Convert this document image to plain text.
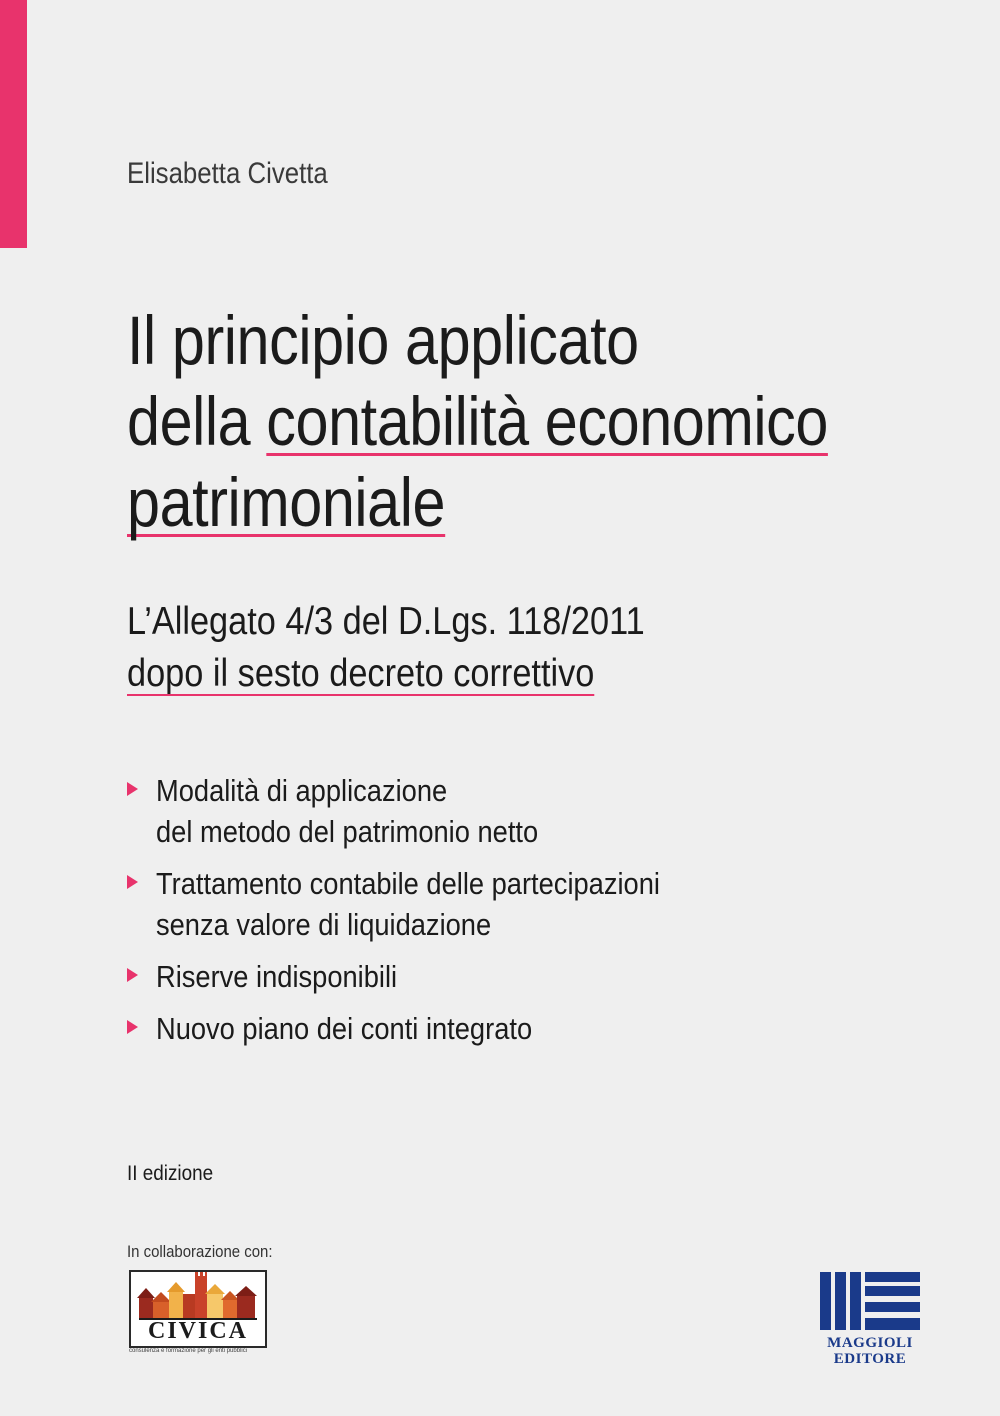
Elisabetta Civetta
Il principio applicato
della contabilità economico
patrimoniale
L’Allegato 4/3 del D.Lgs. 118/2011
dopo il sesto decreto correttivo
Modalità di applicazione
del metodo del patrimonio netto
Trattamento contabile delle partecipazioni
senza valore di liquidazione
Riserve indisponibili
Nuovo piano dei conti integrato
II edizione
In collaborazione con:
CIVICA
consulenza e formazione per gli enti pubblici	MAGGIOLI
EDITORE
